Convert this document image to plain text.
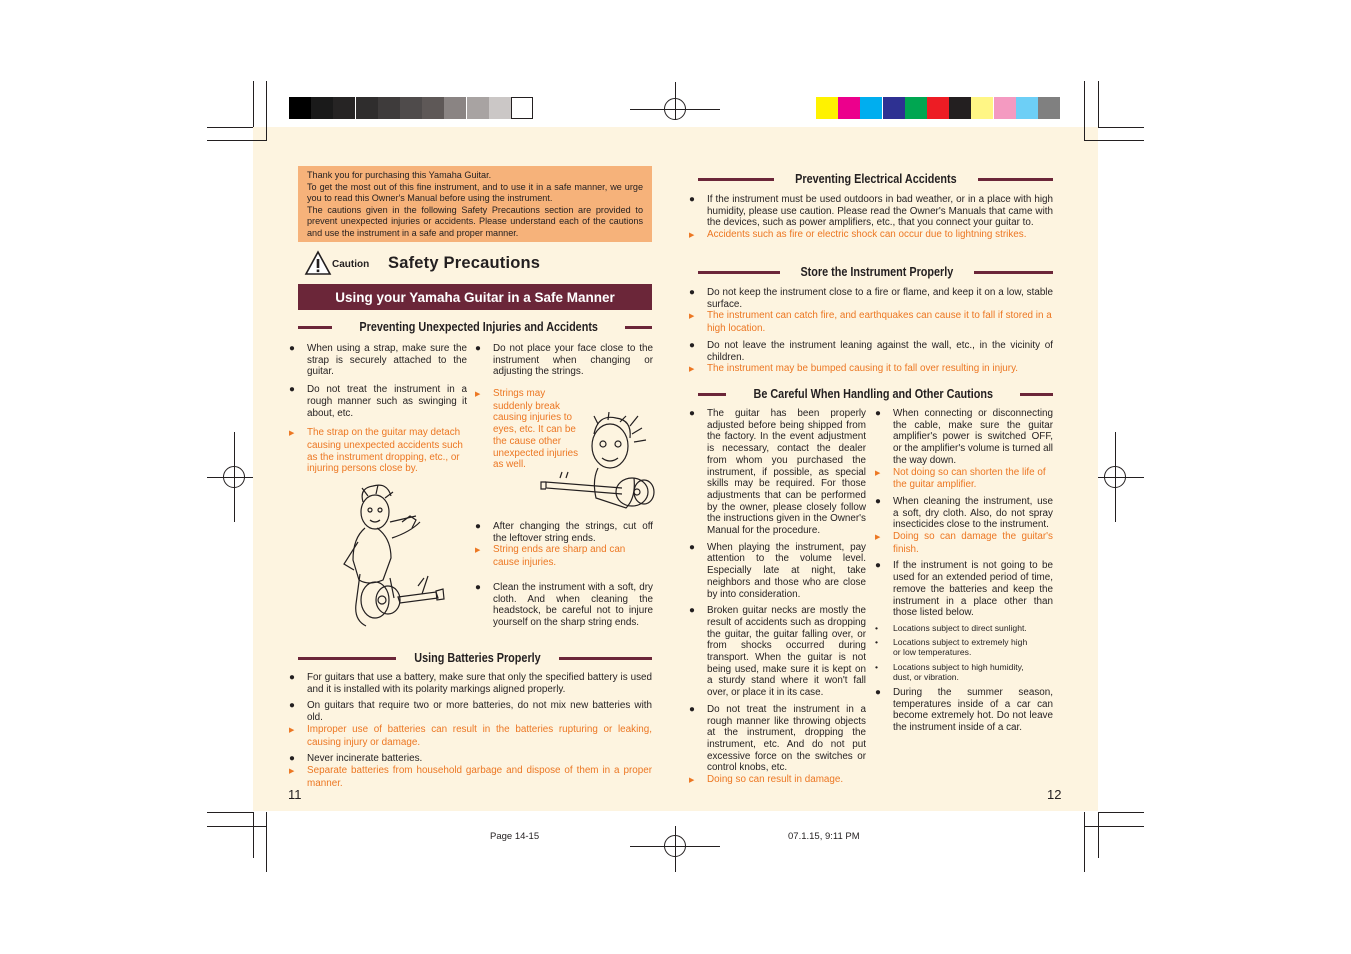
Thank you for purchasing this Yamaha Guitar.

To get the most out of this fine instrument, and to use it in a safe manner, we urge you to read this Owner's Manual before using the instrument.

The cautions given in the following Safety Precautions section are provided to prevent unexpected injuries or accidents. Please understand each of the cautions and use the instrument in a safe and proper manner.

Caution Safety Precautions
Using your Yamaha Guitar in a Safe Manner
Preventing Unexpected Injuries and Accidents

● When using a strap, make sure the strap is securely attached to the guitar.

● Do not treat the instrument in a rough manner such as swinging it about, etc.

▶ The strap on the guitar may detach causing unexpected accidents such as the instrument dropping, etc., or injuring persons close by.

● Do not place your face close to the instrument when changing or adjusting the strings.

▶ Strings may suddenly break causing injuries to eyes, etc. It can be the cause other unexpected injuries as well.

● After changing the strings, cut off the leftover string ends.

▶ String ends are sharp and can cause injuries.

● Clean the instrument with a soft, dry cloth. And when cleaning the headstock, be careful not to injure yourself on the sharp string ends.

Using Batteries Properly

● For guitars that use a battery, make sure that only the specified battery is used and it is installed with its polarity markings aligned properly.

● On guitars that require two or more batteries, do not mix new batteries with old.

▶ Improper use of batteries can result in the batteries rupturing or leaking, causing injury or damage.

● Never incinerate batteries.

▶ Separate batteries from household garbage and dispose of them in a proper manner.

Preventing Electrical Accidents

● If the instrument must be used outdoors in bad weather, or in a place with high humidity, please use caution. Please read the Owner's Manuals that came with the devices, such as power amplifiers, etc., that you connect your guitar to.

▶ Accidents such as fire or electric shock can occur due to lightning strikes.

Store the Instrument Properly

● Do not keep the instrument close to a fire or flame, and keep it on a low, stable surface.

▶ The instrument can catch fire, and earthquakes can cause it to fall if stored in a high location.

● Do not leave the instrument leaning against the wall, etc., in the vicinity of children.

▶ The instrument may be bumped causing it to fall over resulting in injury.

Be Careful When Handling and Other Cautions

● The guitar has been properly adjusted before being shipped from the factory. In the event adjustment is necessary, contact the dealer from whom you purchased the instrument, if possible, as special skills may be required. For those adjustments that can be performed by the owner, please closely follow the instructions given in the Owner's Manual for the procedure.

● When playing the instrument, pay attention to the volume level. Especially late at night, take neighbors and those who are close by into consideration.

● Broken guitar necks are mostly the result of accidents such as dropping the guitar, the guitar falling over, or from shocks occurred during transport. When the guitar is not being used, make sure it is kept on a sturdy stand where it won't fall over, or place it in its case.

● Do not treat the instrument in a rough manner like throwing objects at the instrument, dropping the instrument, etc. And do not put excessive force on the switches or control knobs, etc.

▶ Doing so can result in damage.

● When connecting or disconnecting the cable, make sure the guitar amplifier's power is switched OFF, or the amplifier's volume is turned all the way down.

▶ Not doing so can shorten the life of the guitar amplifier.

● When cleaning the instrument, use a soft, dry cloth. Also, do not spray insecticides close to the instrument.

▶ Doing so can damage the guitar's finish.

● If the instrument is not going to be used for an extended period of time, remove the batteries and keep the instrument in a place other than those listed below.

• Locations subject to direct sunlight.

• Locations subject to extremely high
or low temperatures.

• Locations subject to high humidity,
dust, or vibration.

● During the summer season, temperatures inside of a car can become extremely hot. Do not leave the instrument inside of a car.

11	12
Page 14-15	07.1.15, 9:11 PM
